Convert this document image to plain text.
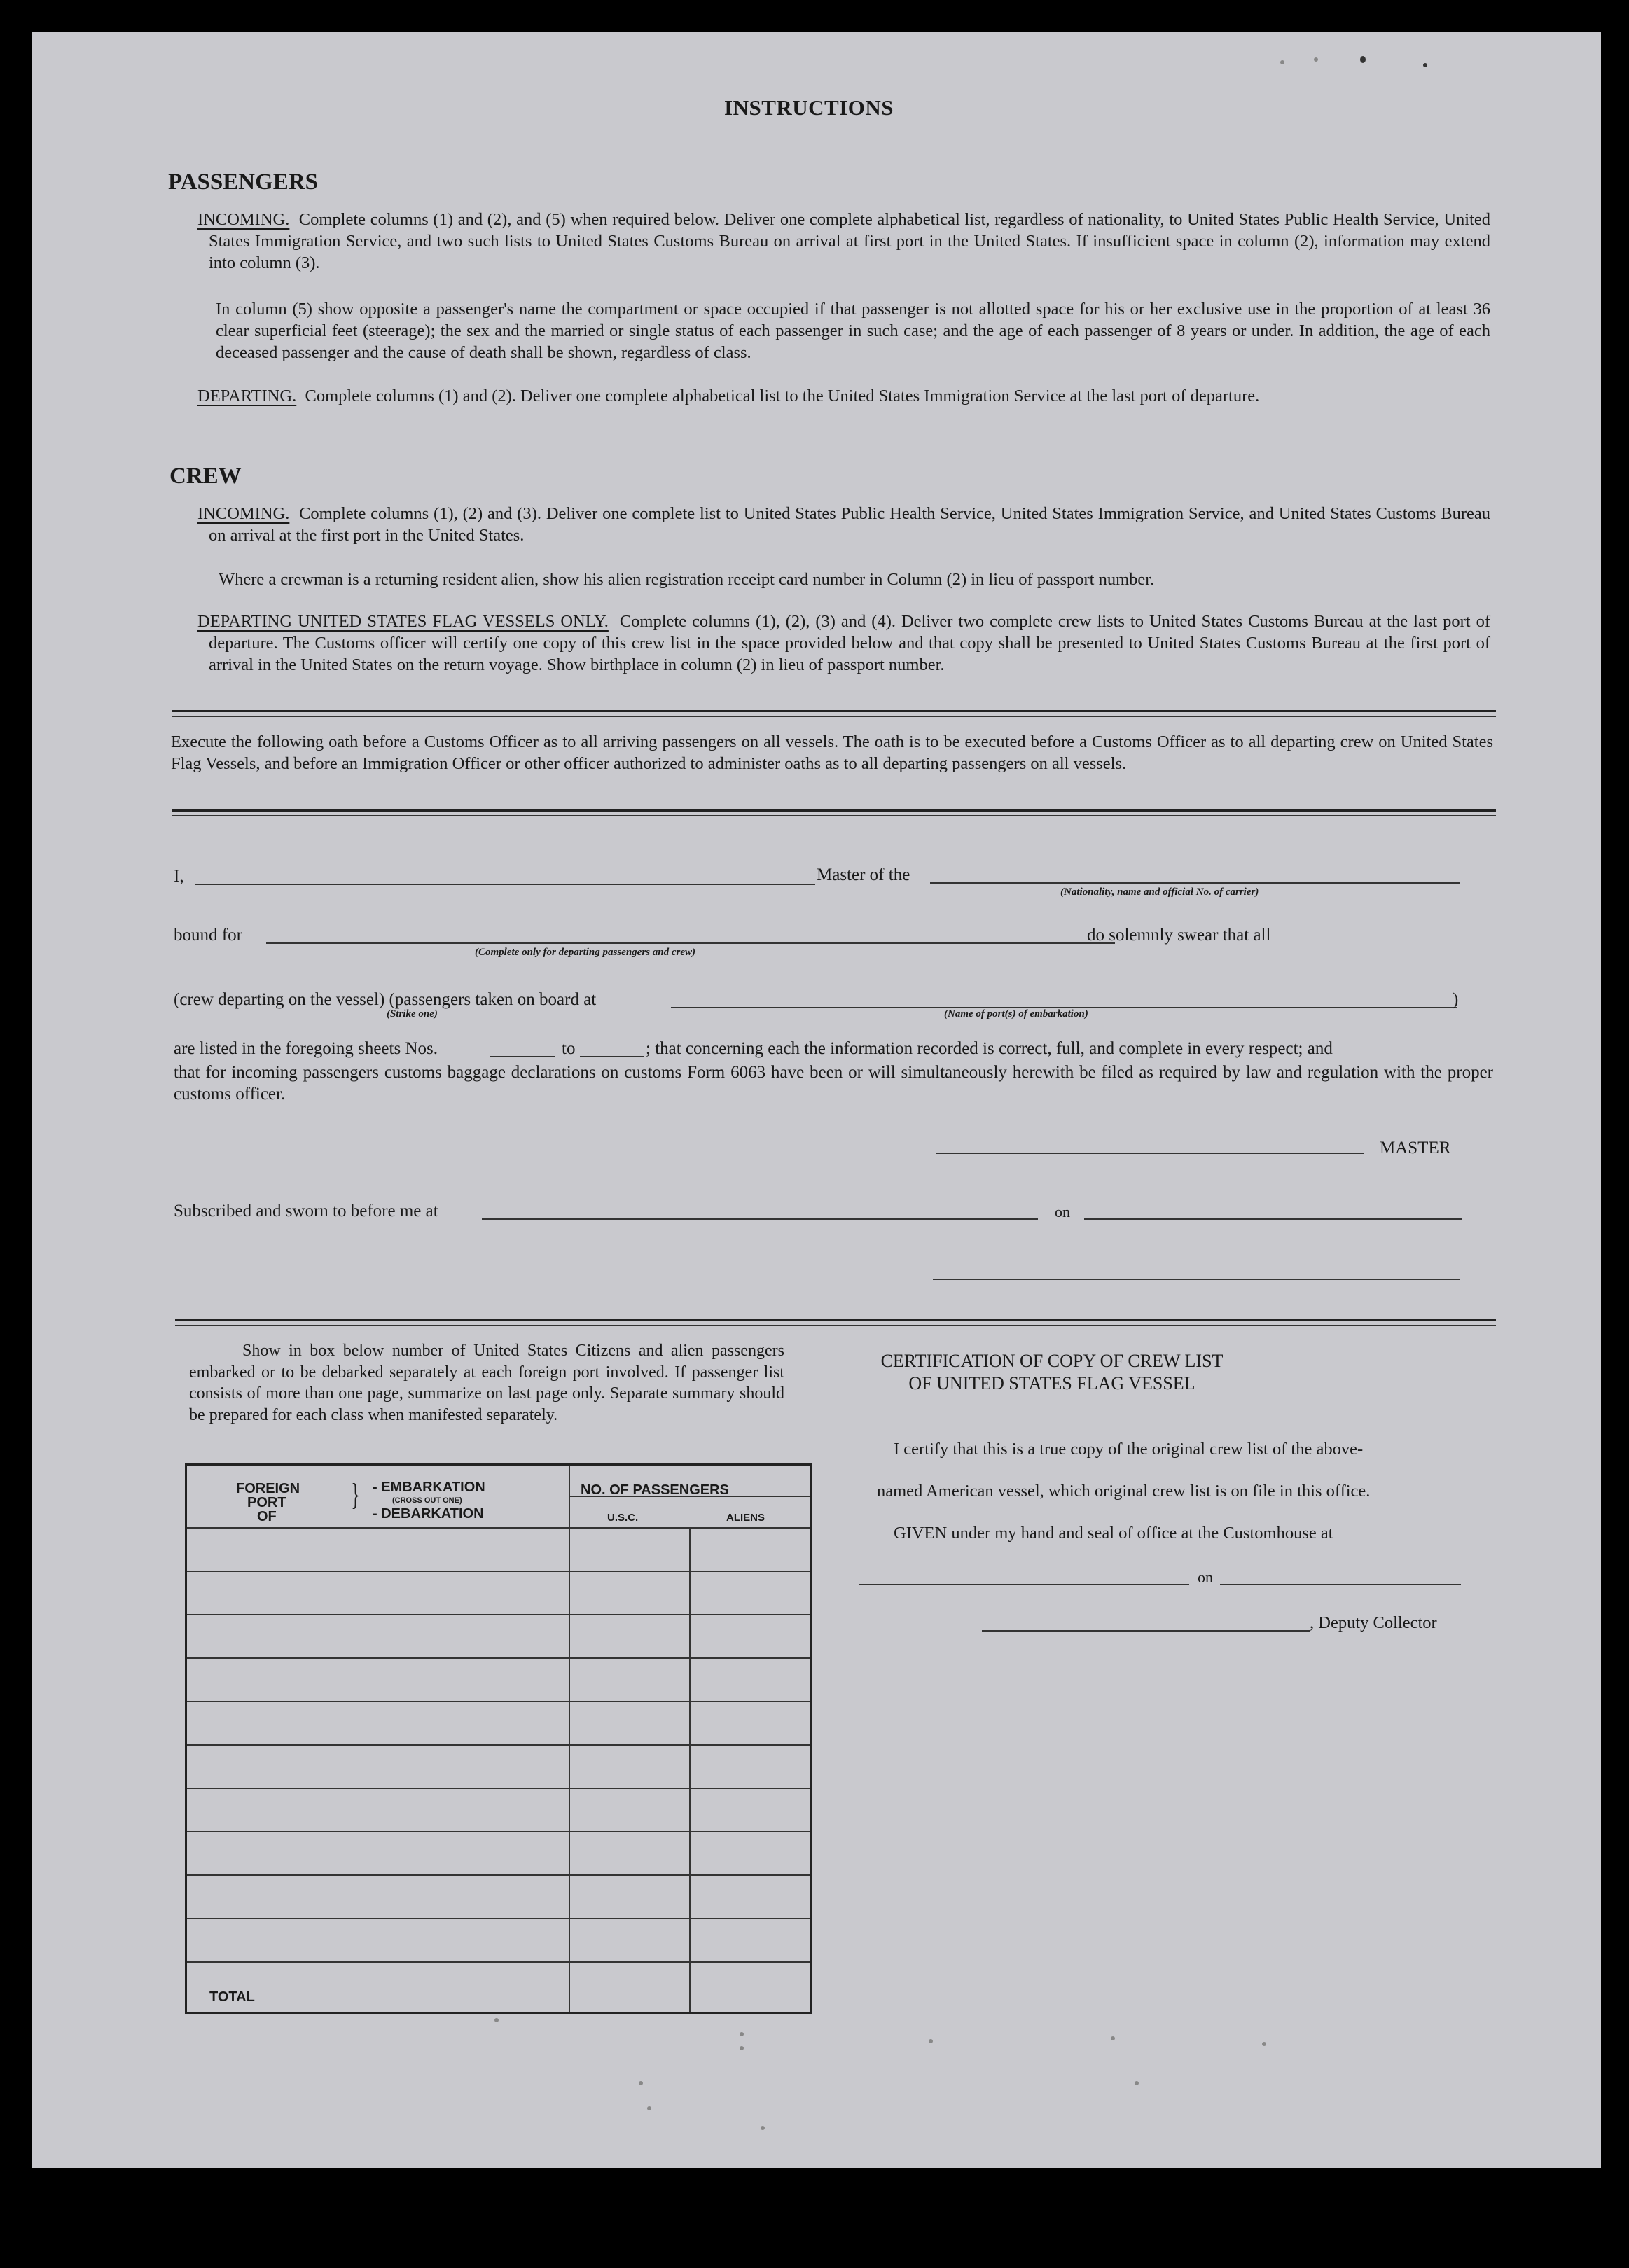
INSTRUCTIONS
PASSENGERS

INCOMING. Complete columns (1) and (2), and (5) when required below. Deliver one complete alphabetical list, regardless of nationality, to United States Public Health Service, United States Immigration Service, and two such lists to United States Customs Bureau on arrival at first port in the United States. If insufficient space in column (2), information may extend into column (3).

In column (5) show opposite a passenger's name the compartment or space occupied if that passenger is not allotted space for his or her exclusive use in the proportion of at least 36 clear superficial feet (steerage); the sex and the married or single status of each passenger in such case; and the age of each passenger of 8 years or under. In addition, the age of each deceased passenger and the cause of death shall be shown, regardless of class.

DEPARTING. Complete columns (1) and (2). Deliver one complete alphabetical list to the United States Immigration Service at the last port of departure.

CREW

INCOMING. Complete columns (1), (2) and (3). Deliver one complete list to United States Public Health Service, United States Immigration Service, and United States Customs Bureau on arrival at the first port in the United States.

Where a crewman is a returning resident alien, show his alien registration receipt card number in Column (2) in lieu of passport number.

DEPARTING UNITED STATES FLAG VESSELS ONLY. Complete columns (1), (2), (3) and (4). Deliver two complete crew lists to United States Customs Bureau at the last port of departure. The Customs officer will certify one copy of this crew list in the space provided below and that copy shall be presented to United States Customs Bureau at the first port of arrival in the United States on the return voyage. Show birthplace in column (2) in lieu of passport number.

Execute the following oath before a Customs Officer as to all arriving passengers on all vessels. The oath is to be executed before a Customs Officer as to all departing crew on United States Flag Vessels, and before an Immigration Officer or other officer authorized to administer oaths as to all departing passengers on all vessels.

I,	Master of the
(Nationality, name and official No. of carrier)
bound for
(Complete only for departing passengers and crew)
do solemnly swear that all
(crew departing on the vessel) (passengers taken on board at
(Strike one)	(Name of port(s) of embarkation)
)
are listed in the foregoing sheets Nos.	to	; that concerning each the information recorded is correct, full, and complete in every respect; and

that for incoming passengers customs baggage declarations on customs Form 6063 have been or will simultaneously herewith be filed as required by law and regulation with the proper customs officer.

MASTER
Subscribed and sworn to before me at	on

Show in box below number of United States Citizens and alien passengers embarked or to be debarked separately at each foreign port involved. If passenger list consists of more than one page, summarize on last page only. Separate summary should be prepared for each class when manifested separately.

FOREIGN
PORT
OF
} - EMBARKATION
(CROSS OUT ONE)
- DEBARKATION
NO. OF PASSENGERS
U.S.C.	ALIENS
TOTAL
CERTIFICATION OF COPY OF CREW LIST
OF UNITED STATES FLAG VESSEL
I certify that this is a true copy of the original crew list of the above-
named American vessel, which original crew list is on file in this office.
GIVEN under my hand and seal of office at the Customhouse at
on
, Deputy Collector
